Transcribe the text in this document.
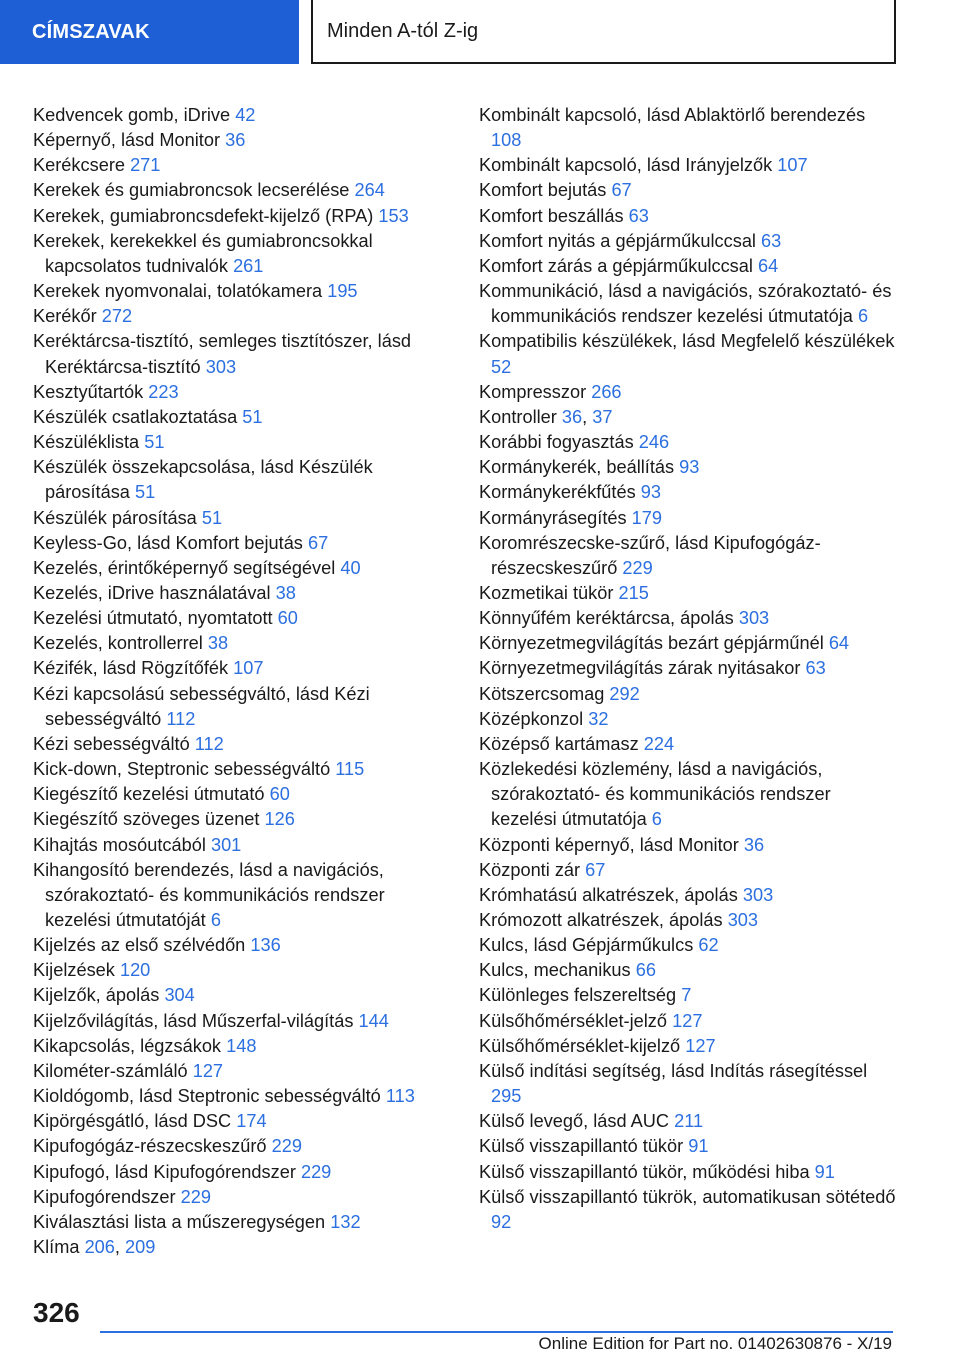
CÍMSZAVAK	Minden A-tól Z-ig
Kedvencek gomb, iDrive 42
Képernyő, lásd Monitor 36
Kerékcsere 271
Kerekek és gumiabroncsok lecserélése 264
Kerekek, gumiabroncsdefekt-kijelző (RPA) 153
Kerekek, kerekekkel és gumiabroncsokkal kapcsolatos tudnivalók 261
Kerekek nyomvonalai, tolatókamera 195
Kerékőr 272
Keréktárcsa-tisztító, semleges tisztítószer, lásd Keréktárcsa-tisztító 303
Kesztyűtartók 223
Készülék csatlakoztatása 51
Készüléklista 51
Készülék összekapcsolása, lásd Készülék párosítása 51
Készülék párosítása 51
Keyless-Go, lásd Komfort bejutás 67
Kezelés, érintőképernyő segítségével 40
Kezelés, iDrive használatával 38
Kezelési útmutató, nyomtatott 60
Kezelés, kontrollerrel 38
Kézifék, lásd Rögzítőfék 107
Kézi kapcsolású sebességváltó, lásd Kézi sebességváltó 112
Kézi sebességváltó 112
Kick-down, Steptronic sebességváltó 115
Kiegészítő kezelési útmutató 60
Kiegészítő szöveges üzenet 126
Kihajtás mosóutcából 301
Kihangosító berendezés, lásd a navigációs, szórakoztató- és kommunikációs rendszer kezelési útmutatóját 6
Kijelzés az első szélvédőn 136
Kijelzések 120
Kijelzők, ápolás 304
Kijelzővilágítás, lásd Műszerfal-világítás 144
Kikapcsolás, légzsákok 148
Kilométer-számláló 127
Kioldógomb, lásd Steptronic sebességváltó 113
Kipörgésgátló, lásd DSC 174
Kipufogógáz-részecskeszűrő 229
Kipufogó, lásd Kipufogórendszer 229
Kipufogórendszer 229
Kiválasztási lista a műszeregységen 132
Klíma 206, 209
Kombinált kapcsoló, lásd Ablaktörlő berendezés 108
Kombinált kapcsoló, lásd Irányjelzők 107
Komfort bejutás 67
Komfort beszállás 63
Komfort nyitás a gépjárműkulccsal 63
Komfort zárás a gépjárműkulccsal 64
Kommunikáció, lásd a navigációs, szórakoztató- és kommunikációs rendszer kezelési útmutatója 6
Kompatibilis készülékek, lásd Megfelelő készülékek 52
Kompresszor 266
Kontroller 36, 37
Korábbi fogyasztás 246
Kormánykerék, beállítás 93
Kormánykerékfűtés 93
Kormányrásegítés 179
Koromrészecske-szűrő, lásd Kipufogógáz-részecskeszűrő 229
Kozmetikai tükör 215
Könnyűfém keréktárcsa, ápolás 303
Környezetmegvilágítás bezárt gépjárműnél 64
Környezetmegvilágítás zárak nyitásakor 63
Kötszercsomag 292
Középkonzol 32
Középső kartámasz 224
Közlekedési közlemény, lásd a navigációs, szórakoztató- és kommunikációs rendszer kezelési útmutatója 6
Központi képernyő, lásd Monitor 36
Központi zár 67
Krómhatású alkatrészek, ápolás 303
Krómozott alkatrészek, ápolás 303
Kulcs, lásd Gépjárműkulcs 62
Kulcs, mechanikus 66
Különleges felszereltség 7
Külsőhőmérséklet-jelző 127
Külsőhőmérséklet-kijelző 127
Külső indítási segítség, lásd Indítás rásegítéssel 295
Külső levegő, lásd AUC 211
Külső visszapillantó tükör 91
Külső visszapillantó tükör, működési hiba 91
Külső visszapillantó tükrök, automatikusan sötétedő 92
326
Online Edition for Part no. 01402630876 - X/19
